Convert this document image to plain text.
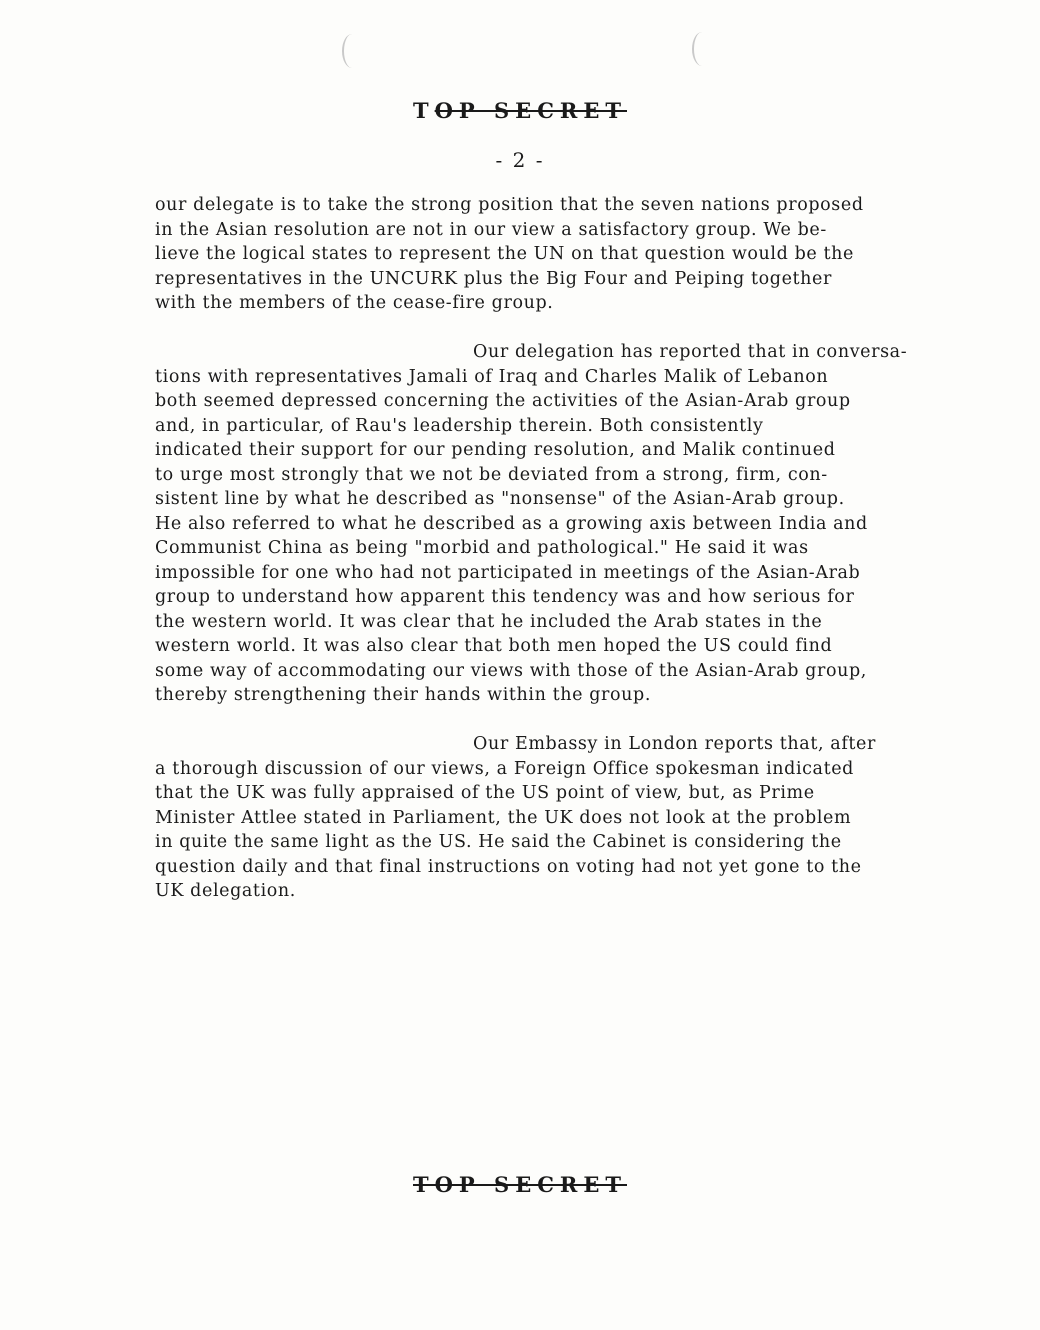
TOP SECRET
- 2 -

our delegate is to take the strong position that the seven nations proposed
in the Asian resolution are not in our view a satisfactory group. We be-
lieve the logical states to represent the UN on that question would be the
representatives in the UNCURK plus the Big Four and Peiping together
with the members of the cease-fire group.

Our delegation has reported that in conversa-
tions with representatives Jamali of Iraq and Charles Malik of Lebanon
both seemed depressed concerning the activities of the Asian-Arab group
and, in particular, of Rau's leadership therein. Both consistently
indicated their support for our pending resolution, and Malik continued
to urge most strongly that we not be deviated from a strong, firm, con-
sistent line by what he described as "nonsense" of the Asian-Arab group.
He also referred to what he described as a growing axis between India and
Communist China as being "morbid and pathological." He said it was
impossible for one who had not participated in meetings of the Asian-Arab
group to understand how apparent this tendency was and how serious for
the western world. It was clear that he included the Arab states in the
western world. It was also clear that both men hoped the US could find
some way of accommodating our views with those of the Asian-Arab group,
thereby strengthening their hands within the group.

Our Embassy in London reports that, after
a thorough discussion of our views, a Foreign Office spokesman indicated
that the UK was fully appraised of the US point of view, but, as Prime
Minister Attlee stated in Parliament, the UK does not look at the problem
in quite the same light as the US. He said the Cabinet is considering the
question daily and that final instructions on voting had not yet gone to the
UK delegation.

TOP SECRET
